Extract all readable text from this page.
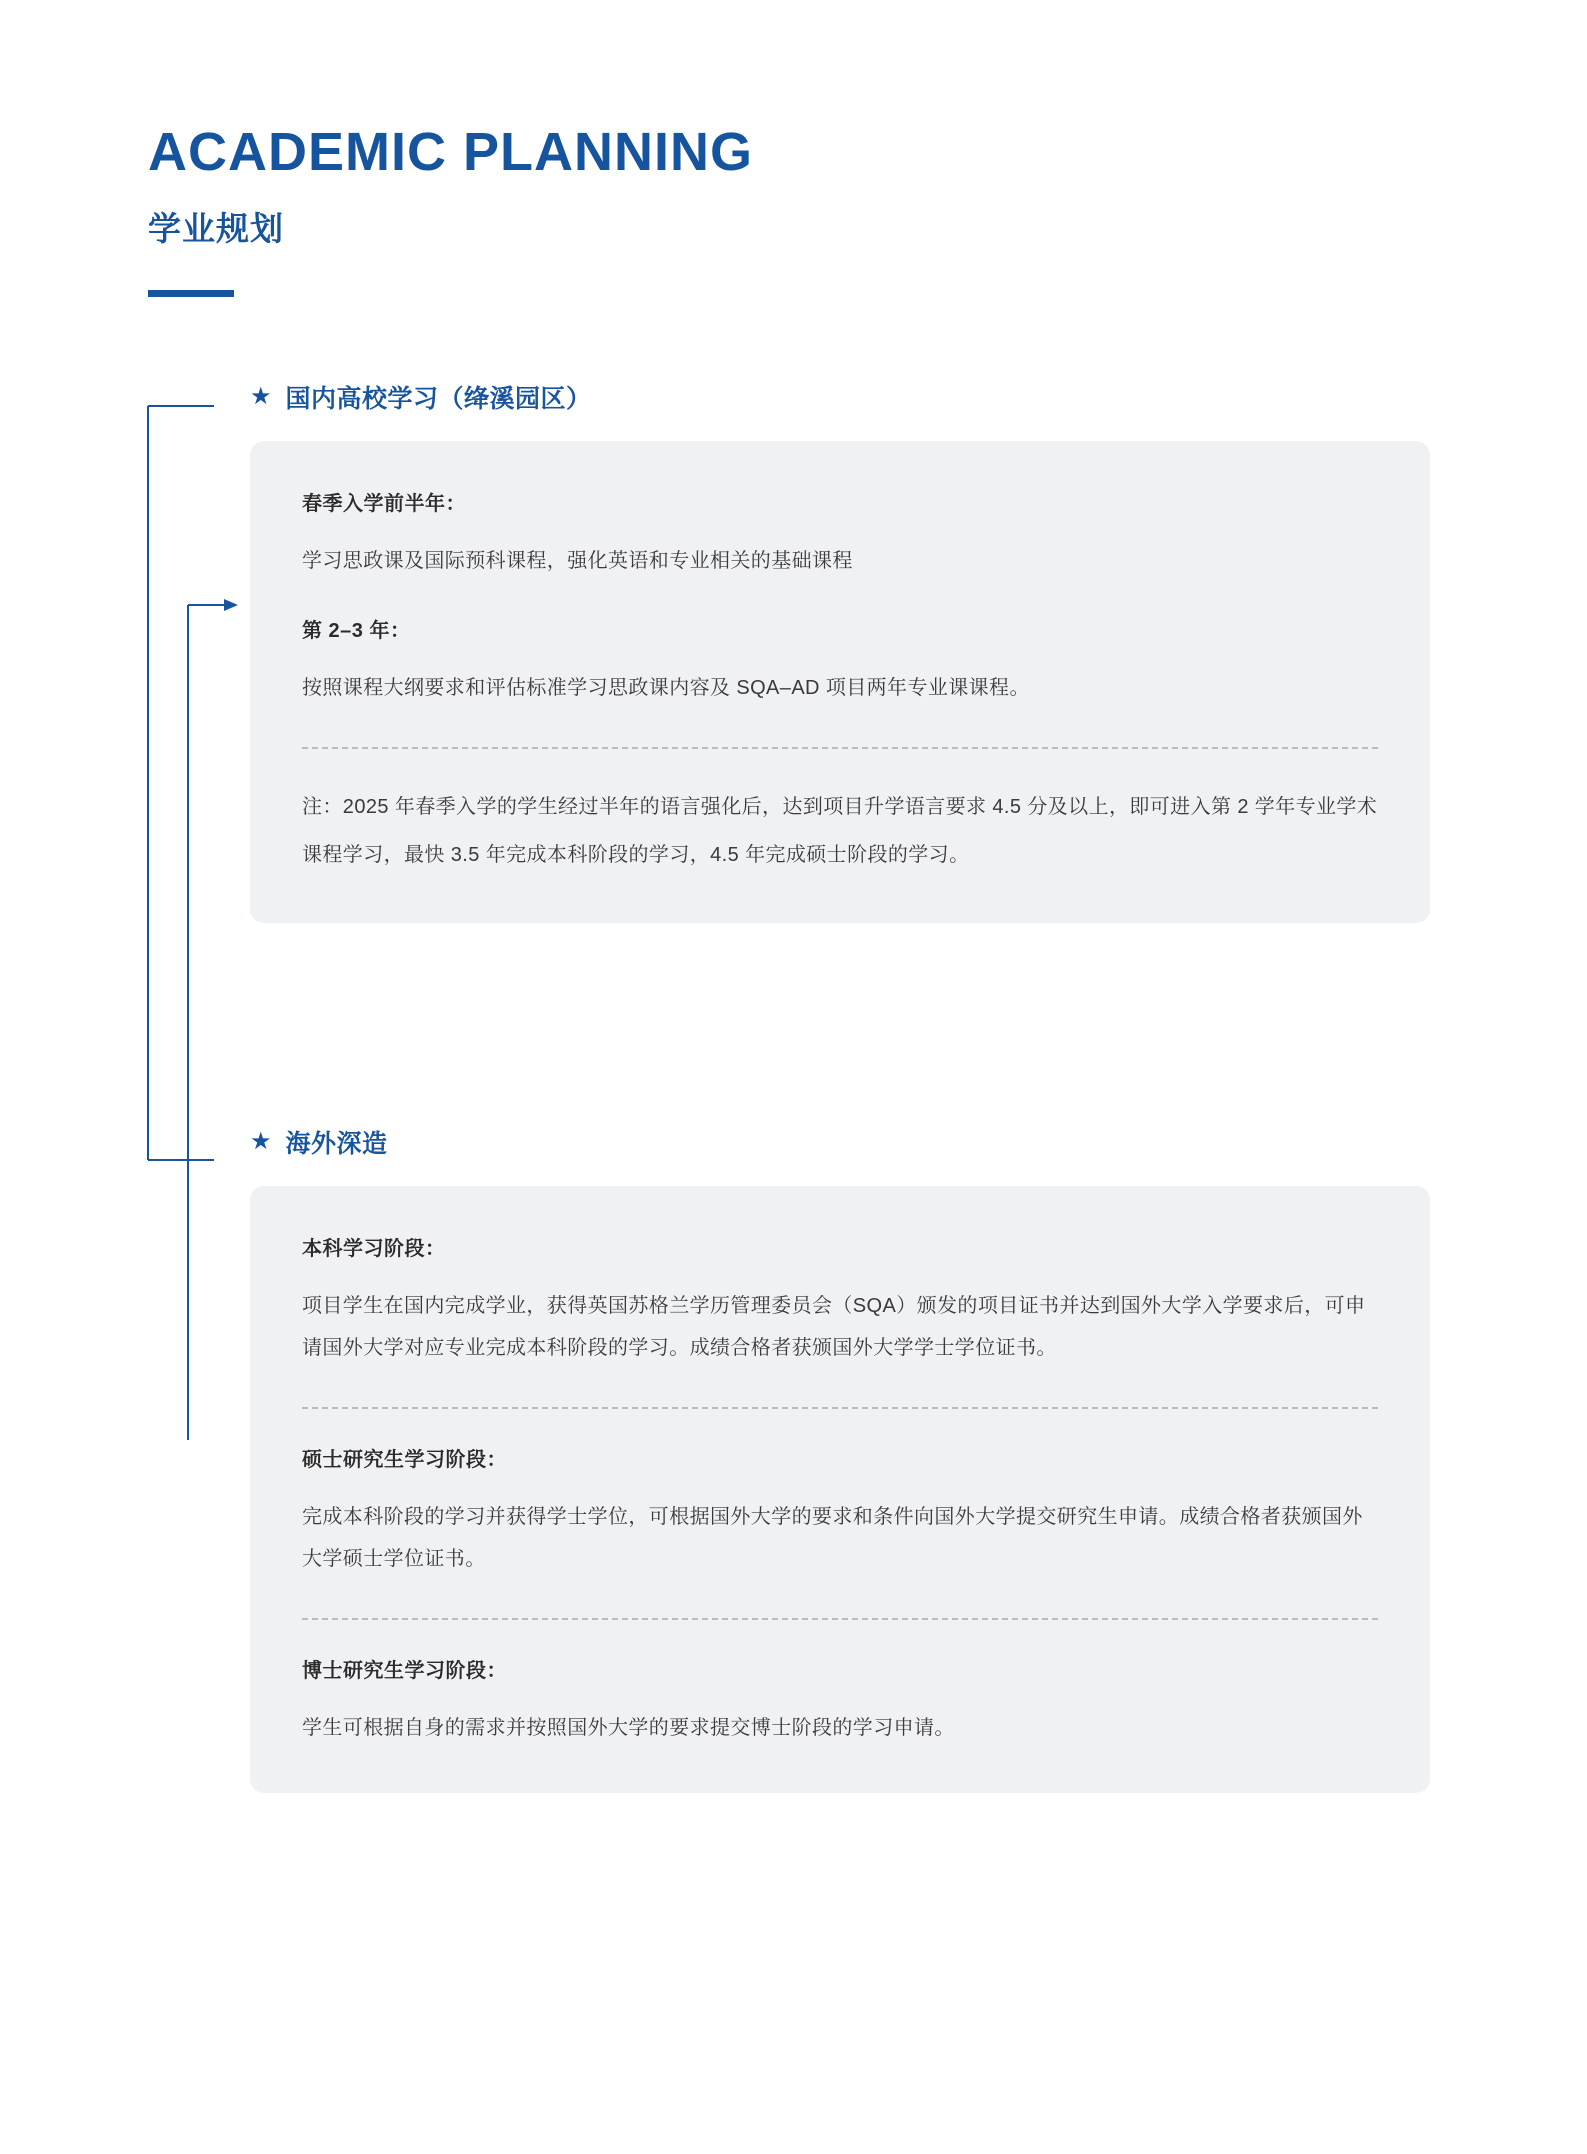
ACADEMIC PLANNING
学业规划
★ 国内高校学习（绛溪园区）

春季入学前半年：

学习思政课及国际预科课程，强化英语和专业相关的基础课程

第 2–3 年：

按照课程大纲要求和评估标准学习思政课内容及 SQA–AD 项目两年专业课课程。

注：2025 年春季入学的学生经过半年的语言强化后，达到项目升学语言要求 4.5 分及以上，即可进入第 2 学年专业学术课程学习，最快 3.5 年完成本科阶段的学习，4.5 年完成硕士阶段的学习。

★ 海外深造

本科学习阶段：

项目学生在国内完成学业，获得英国苏格兰学历管理委员会（SQA）颁发的项目证书并达到国外大学入学要求后，可申请国外大学对应专业完成本科阶段的学习。成绩合格者获颁国外大学学士学位证书。

硕士研究生学习阶段：

完成本科阶段的学习并获得学士学位，可根据国外大学的要求和条件向国外大学提交研究生申请。成绩合格者获颁国外大学硕士学位证书。

博士研究生学习阶段：

学生可根据自身的需求并按照国外大学的要求提交博士阶段的学习申请。
